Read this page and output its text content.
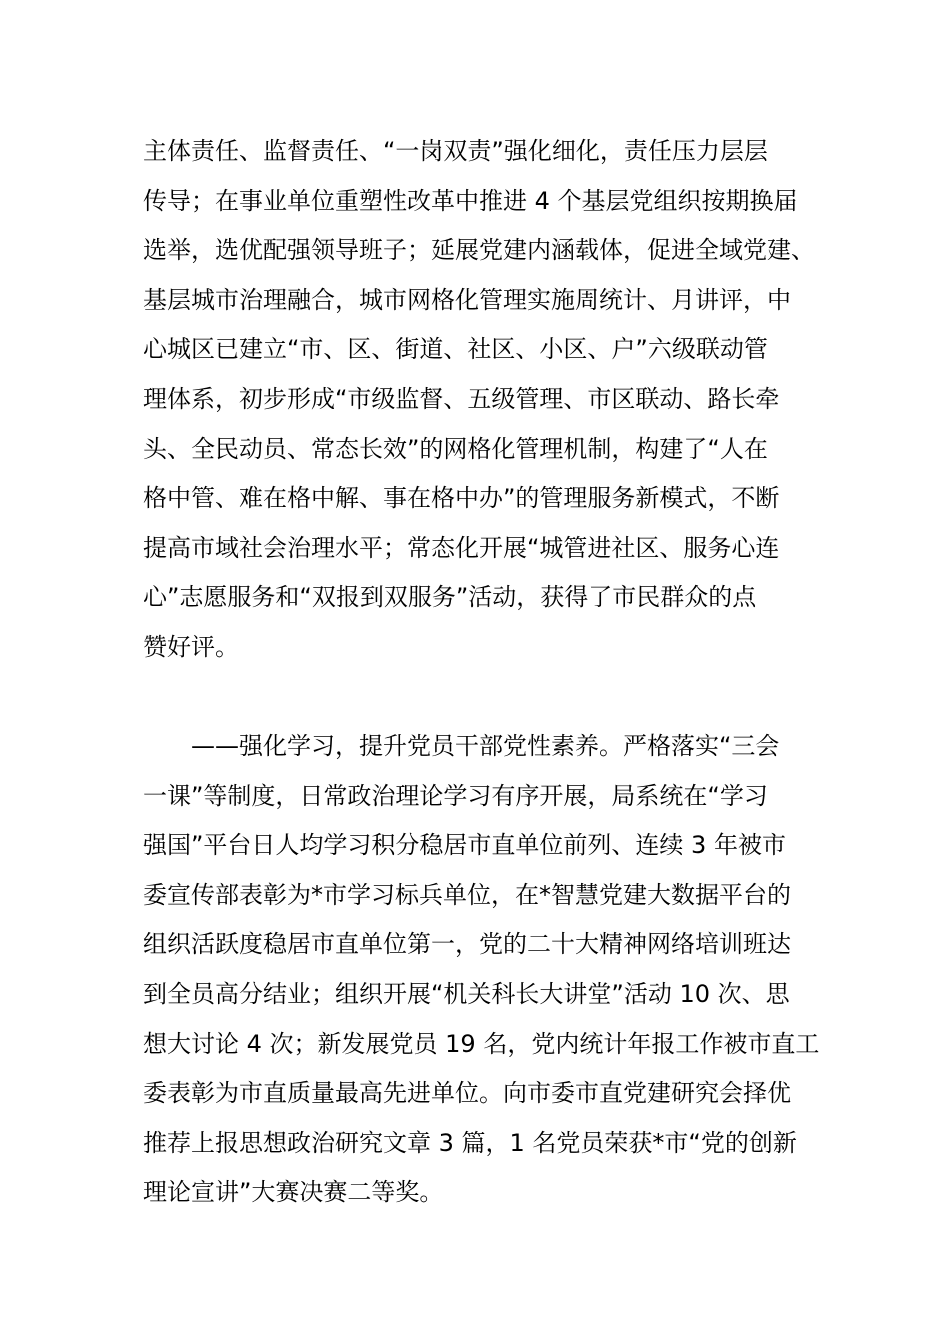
主体责任、监督责任、“一岗双责”强化细化，责任压力层层
传导；在事业单位重塑性改革中推进 4 个基层党组织按期换届
选举，选优配强领导班子；延展党建内涵载体，促进全域党建、
基层城市治理融合，城市网格化管理实施周统计、月讲评，中
心城区已建立“市、区、街道、社区、小区、户”六级联动管
理体系，初步形成“市级监督、五级管理、市区联动、路长牵
头、全民动员、常态长效”的网格化管理机制，构建了“人在
格中管、难在格中解、事在格中办”的管理服务新模式，不断
提高市域社会治理水平；常态化开展“城管进社区、服务心连
心”志愿服务和“双报到双服务”活动，获得了市民群众的点
赞好评。

——强化学习，提升党员干部党性素养。严格落实“三会
一课”等制度，日常政治理论学习有序开展，局系统在“学习
强国”平台日人均学习积分稳居市直单位前列、连续 3 年被市
委宣传部表彰为*市学习标兵单位，在*智慧党建大数据平台的
组织活跃度稳居市直单位第一，党的二十大精神网络培训班达
到全员高分结业；组织开展“机关科长大讲堂”活动 10 次、思
想大讨论 4 次；新发展党员 19 名，党内统计年报工作被市直工
委表彰为市直质量最高先进单位。向市委市直党建研究会择优
推荐上报思想政治研究文章 3 篇，1 名党员荣获*市“党的创新
理论宣讲”大赛决赛二等奖。
